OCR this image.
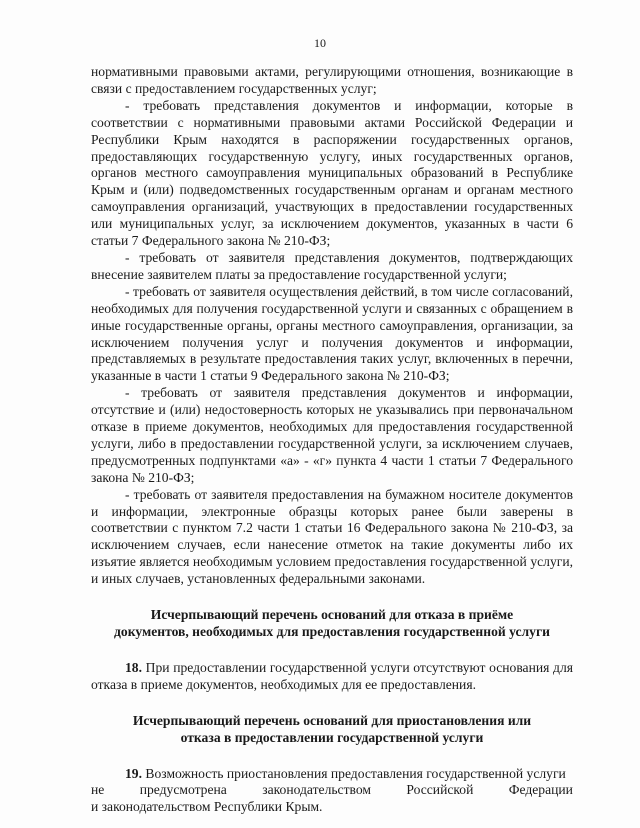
10

нормативными правовыми актами, регулирующими отношения, возникающие в связи с предоставлением государственных услуг;

- требовать представления документов и информации, которые в соответствии с нормативными правовыми актами Российской Федерации и Республики Крым находятся в распоряжении государственных органов, предоставляющих государственную услугу, иных государственных органов, органов местного самоуправления муниципальных образований в Республике Крым и (или) подведомственных государственным органам и органам местного самоуправления организаций, участвующих в предоставлении государственных или муниципальных услуг, за исключением документов, указанных в части 6 статьи 7 Федерального закона № 210-ФЗ;

- требовать от заявителя представления документов, подтверждающих внесение заявителем платы за предоставление государственной услуги;

- требовать от заявителя осуществления действий, в том числе согласований, необходимых для получения государственной услуги и связанных с обращением в иные государственные органы, органы местного самоуправления, организации, за исключением получения услуг и получения документов и информации, представляемых в результате предоставления таких услуг, включенных в перечни, указанные в части 1 статьи 9 Федерального закона № 210-ФЗ;

- требовать от заявителя представления документов и информации, отсутствие и (или) недостоверность которых не указывались при первоначальном отказе в приеме документов, необходимых для предоставления государственной услуги, либо в предоставлении государственной услуги, за исключением случаев, предусмотренных подпунктами «а» - «г» пункта 4 части 1 статьи 7 Федерального закона № 210-ФЗ;

- требовать от заявителя предоставления на бумажном носителе документов и информации, электронные образцы которых ранее были заверены в соответствии с пунктом 7.2 части 1 статьи 16 Федерального закона № 210-ФЗ, за исключением случаев, если нанесение отметок на такие документы либо их изъятие является необходимым условием предоставления государственной услуги, и иных случаев, установленных федеральными законами.

Исчерпывающий перечень оснований для отказа в приёме
документов, необходимых для предоставления государственной услуги

18. При предоставлении государственной услуги отсутствуют основания для отказа в приеме документов, необходимых для ее предоставления.

Исчерпывающий перечень оснований для приостановления или
отказа в предоставлении государственной услуги
19. Возможность приостановления предоставления государственной услуги
не	предусмотрена	законодательством	Российской	Федерации
и законодательством Республики Крым.
